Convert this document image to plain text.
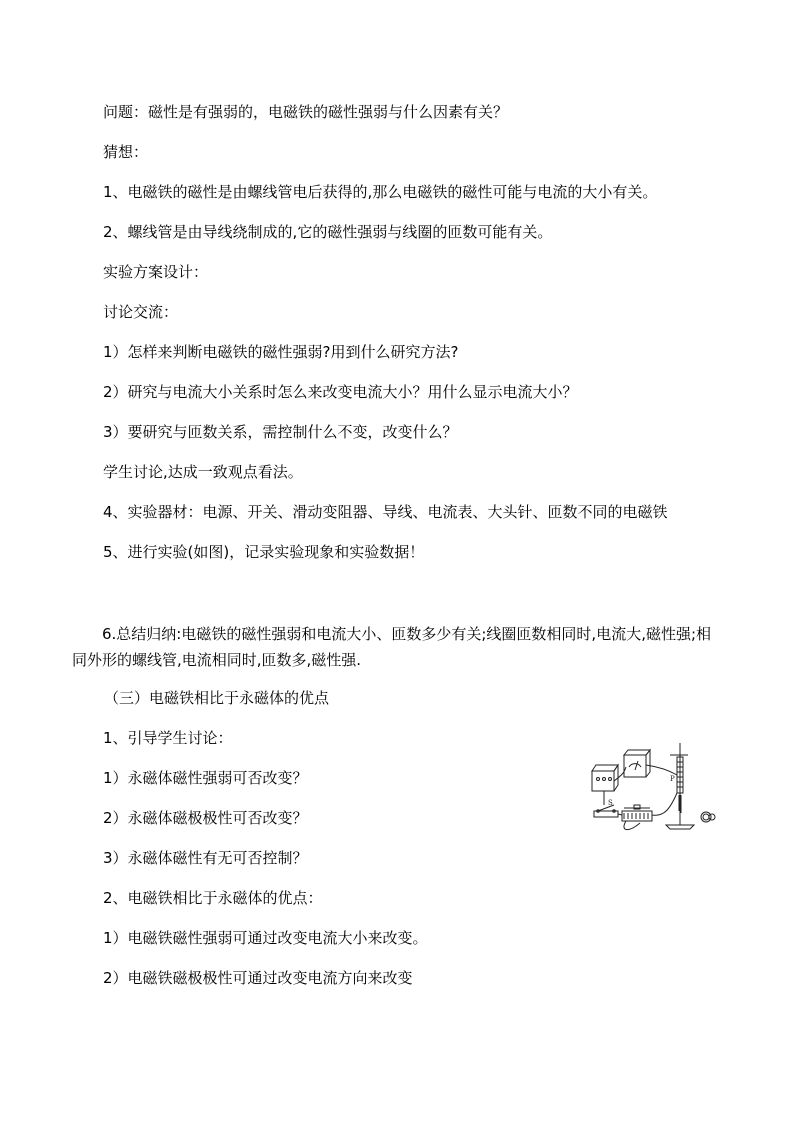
问题：磁性是有强弱的，电磁铁的磁性强弱与什么因素有关？

猜想：

1、电磁铁的磁性是由螺线管电后获得的,那么电磁铁的磁性可能与电流的大小有关。

2、螺线管是由导线绕制成的,它的磁性强弱与线圈的匝数可能有关。

实验方案设计：

讨论交流：

1）怎样来判断电磁铁的磁性强弱?用到什么研究方法?

2）研究与电流大小关系时怎么来改变电流大小？用什么显示电流大小？

3）要研究与匝数关系，需控制什么不变，改变什么？

学生讨论,达成一致观点看法。

4、实验器材：电源、开关、滑动变阻器、导线、电流表、大头针、匝数不同的电磁铁

5、进行实验(如图)，记录实验现象和实验数据！

6.总结归纳:电磁铁的磁性强弱和电流大小、匝数多少有关;线圈匝数相同时,电流大,磁性强;相同外形的螺线管,电流相同时,匝数多,磁性强.

（三）电磁铁相比于永磁体的优点

1、引导学生讨论：

1）永磁体磁性强弱可否改变？

2）永磁体磁极极性可否改变？

3）永磁体磁性有无可否控制？

2、电磁铁相比于永磁体的优点：

1）电磁铁磁性强弱可通过改变电流大小来改变。

2）电磁铁磁极极性可通过改变电流方向来改变

S
P
